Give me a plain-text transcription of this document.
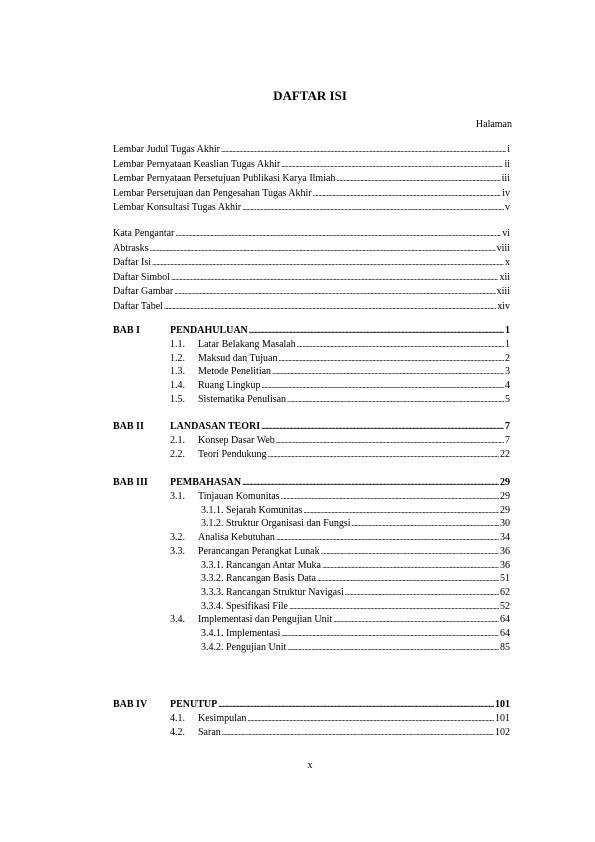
DAFTAR ISI
Halaman
Lembar Judul Tugas Akhir .....	i
Lembar Pernyataan Keaslian Tugas Akhir .....	ii
Lembar Pernyataan Persetujuan Publikasi Karya Ilmiah .....	iii
Lembar Persetujuan dan Pengesahan Tugas Akhir .....	iv
Lembar Konsultasi Tugas Akhir .....	v
Kata Pengantar .....	vi
Abtrasks .....	viii
Daftar Isi .....	x
Daftar Simbol .....	xii
Daftar Gambar .....	xiii
Daftar Tabel .....	xiv
BAB I	PENDAHULUAN .....	1
1.1. Latar Belakang Masalah .....	1
1.2. Maksud dan Tujuan .....	2
1.3. Metode Penelitian .....	3
1.4. Ruang Lingkup .....	4
1.5. Sistematika Penulisan .....	5
BAB II	LANDASAN TEORI .....	7
2.1. Konsep Dasar Web .....	7
2.2. Teori Pendukung .....	22
BAB III PEMBAHASAN .....	29
3.1. Tinjauan Komunitas .....	29
3.1.1. Sejarah Komunitas .....	29
3.1.2. Struktur Organisasi dan Fungsi .....	30
3.2. Analisa Kebutuhan .....	34
3.3. Perancangan Perangkat Lunak .....	36
3.3.1. Rancangan Antar Muka .....	36
3.3.2. Rancangan Basis Data .....	51
3.3.3. Rancangan Struktur Navigasi .....	62
3.3.4. Spesifikasi File .....	52
3.4. Implementasi dan Pengujian Unit .....	64
3.4.1. Implementasi .....	64
3.4.2. Pengujian Unit .....	85
BAB IV PENUTUP .....	101
4.1. Kesimpulan .....	101
4.2. Saran .....	102
x
